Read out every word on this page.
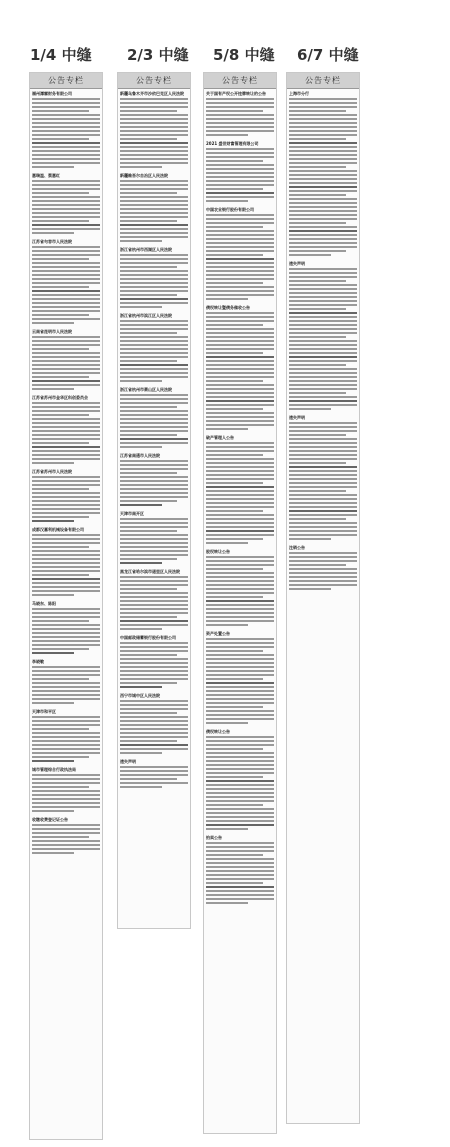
1/4 中缝 2/3 中缝 5/8 中缝 6/7 中缝
公告专栏
福州潭霖财务有限公司
惠瑞温、蔡惠红
江苏省句容市人民法院
云南省昆明市人民法院
江苏省苏州市金华区科创委员会
江苏省苏州市人民法院
成都汉嘉利机械设备有限公司
马晓东、陈阳
李晓敏
天津市和平区
城市管理综合行政执法局
收缴收费登记证公告
公告专栏
新疆乌鲁木齐市沙依巴克区人民法院
新疆维吾尔自治区人民法院
浙江省杭州市西湖区人民法院
浙江省杭州市滨江区人民法院
浙江省杭州市萧山区人民法院
江苏省南通市人民法院
天津市南开区
黑龙江省哈尔滨市道里区人民法院
中国邮政储蓄银行股份有限公司
西宁市城中区人民法院
遗失声明
公告专栏
关于国有产权公开挂牌转让的公告
2021 盛世财富管理有限公司
中国农业银行股份有限公司
债权转让暨债务催收公告
破产管理人公告
股权转让公告
资产处置公告
债权转让公告
拍卖公告
公告专栏
上海市分行
遗失声明
遗失声明
注销公告
